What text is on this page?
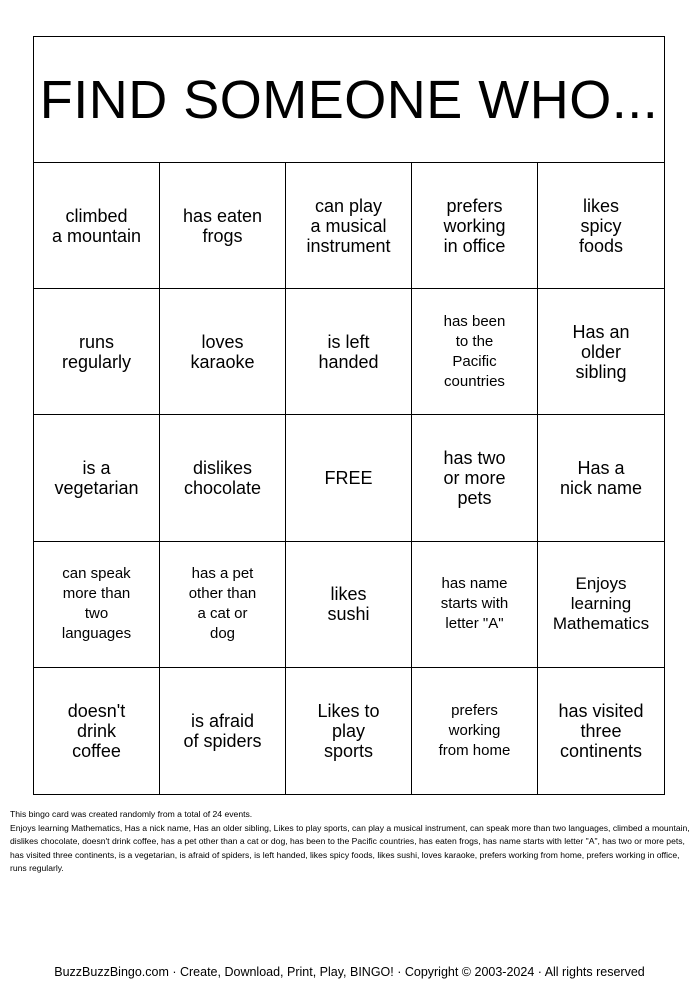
FIND SOMEONE WHO...
climbed
a mountain
has eaten
frogs
can play
a musical
instrument
prefers
working
in office
likes
spicy
foods
runs
regularly
loves
karaoke
is left
handed
has been
to the
Pacific
countries
Has an
older
sibling
is a
vegetarian
dislikes
chocolate	FREE
has two
or more
pets
Has a
nick name
can speak
more than
two
languages
has a pet
other than
a cat or
dog
likes
sushi
has name
starts with
letter "A"
Enjoys
learning
Mathematics
doesn't
drink
coffee
is afraid
of spiders
Likes to
play
sports
prefers
working
from home
has visited
three
continents

This bingo card was created randomly from a total of 24 events.

Enjoys learning Mathematics, Has a nick name, Has an older sibling, Likes to play sports, can play a musical instrument, can speak more than two languages, climbed a mountain, dislikes chocolate, doesn't drink coffee, has a pet other than a cat or dog, has been to the Pacific countries, has eaten frogs, has name starts with letter "A", has two or more pets, has visited three continents, is a vegetarian, is afraid of spiders, is left handed, likes spicy foods, likes sushi, loves karaoke, prefers working from home, prefers working in office, runs regularly.

BuzzBuzzBingo.com · Create, Download, Print, Play, BINGO! · Copyright © 2003-2024 · All rights reserved
